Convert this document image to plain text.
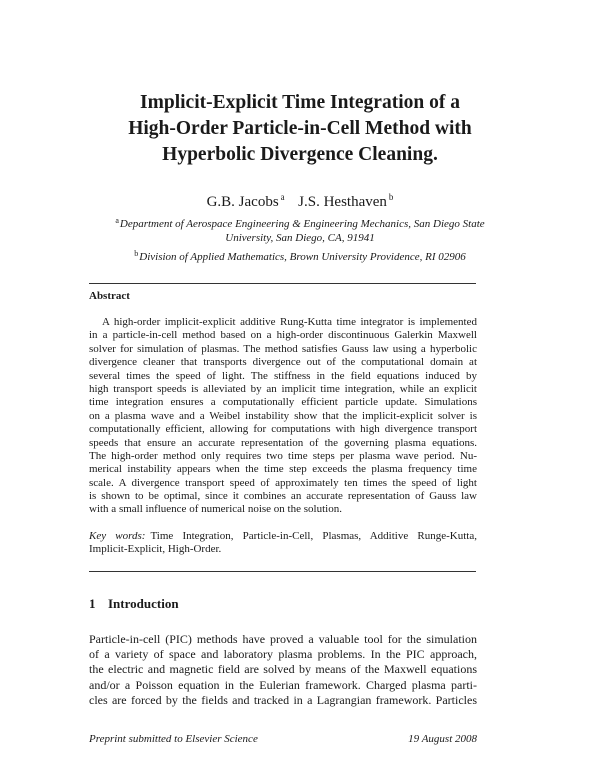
Implicit-Explicit Time Integration of a
High-Order Particle-in-Cell Method with
Hyperbolic Divergence Cleaning.
G.B. Jacobs $^a$ J.S. Hesthaven $^b$
$^a$Department of Aerospace Engineering & Engineering Mechanics, San Diego State
University, San Diego, CA, 91941
$^b$Division of Applied Mathematics, Brown University Providence, RI 02906
Abstract
A high-order implicit-explicit additive Rung-Kutta time integrator is implemented
in a particle-in-cell method based on a high-order discontinuous Galerkin Maxwell
solver for simulation of plasmas. The method satisfies Gauss law using a hyperbolic
divergence cleaner that transports divergence out of the computational domain at
several times the speed of light. The stiffness in the field equations induced by
high transport speeds is alleviated by an implicit time integration, while an explicit
time integration ensures a computationally efficient particle update. Simulations
on a plasma wave and a Weibel instability show that the implicit-explicit solver is
computationally efficient, allowing for computations with high divergence transport
speeds that ensure an accurate representation of the governing plasma equations.
The high-order method only requires two time steps per plasma wave period. Nu-
merical instability appears when the time step exceeds the plasma frequency time
scale. A divergence transport speed of approximately ten times the speed of light
is shown to be optimal, since it combines an accurate representation of Gauss law
with a small influence of numerical noise on the solution.
Key words: Time Integration, Particle-in-Cell, Plasmas, Additive Runge-Kutta,
Implicit-Explicit, High-Order.
1 Introduction
Particle-in-cell (PIC) methods have proved a valuable tool for the simulation
of a variety of space and laboratory plasma problems. In the PIC approach,
the electric and magnetic field are solved by means of the Maxwell equations
and/or a Poisson equation in the Eulerian framework. Charged plasma parti-
cles are forced by the fields and tracked in a Lagrangian framework. Particles
Preprint submitted to Elsevier Science	19 August 2008
